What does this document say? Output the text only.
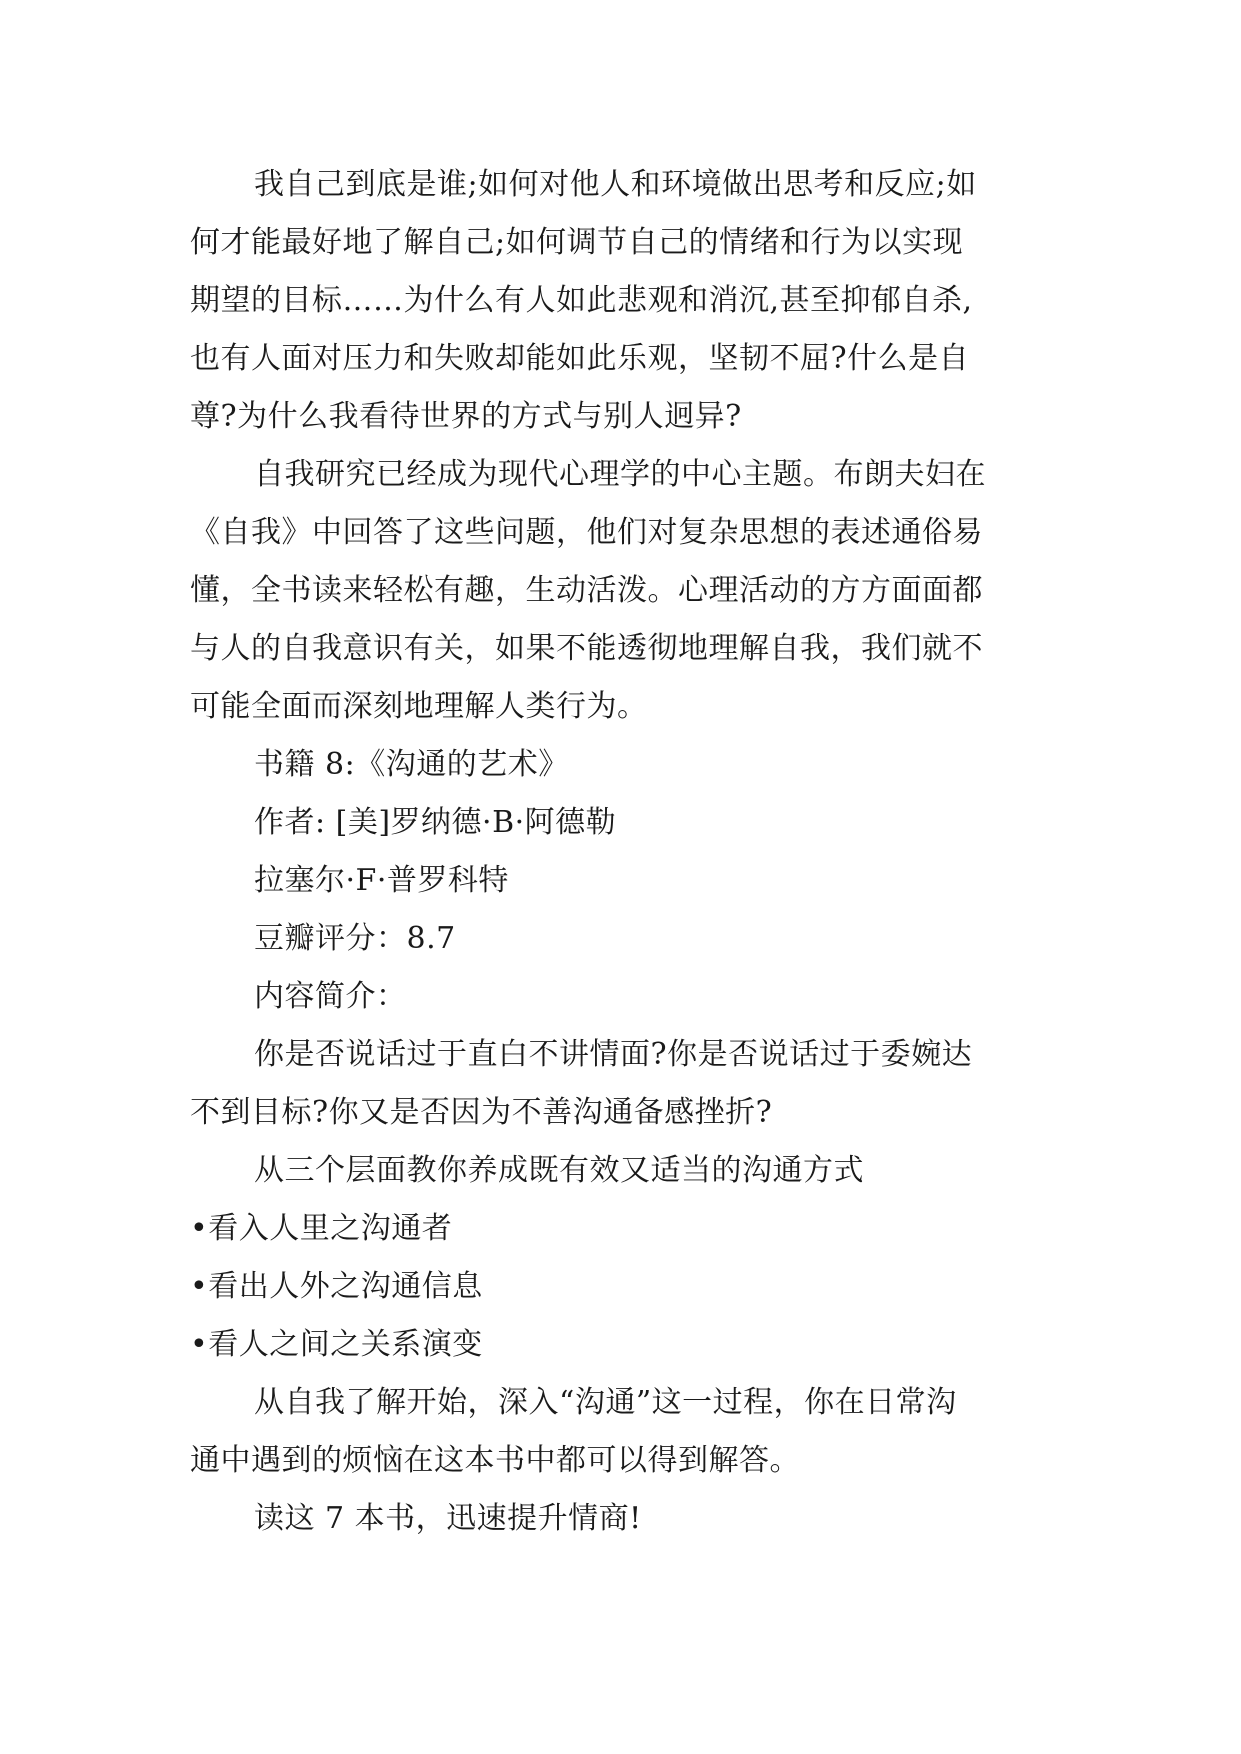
我自己到底是谁;如何对他人和环境做出思考和反应;如
何才能最好地了解自己;如何调节自己的情绪和行为以实现
期望的目标……为什么有人如此悲观和消沉,甚至抑郁自杀,
也有人面对压力和失败却能如此乐观，坚韧不屈?什么是自
尊?为什么我看待世界的方式与别人迥异?
自我研究已经成为现代心理学的中心主题。布朗夫妇在
《自我》中回答了这些问题，他们对复杂思想的表述通俗易
懂，全书读来轻松有趣，生动活泼。心理活动的方方面面都
与人的自我意识有关，如果不能透彻地理解自我，我们就不
可能全面而深刻地理解人类行为。
书籍 8:《沟通的艺术》
作者: [美]罗纳德·B·阿德勒
拉塞尔·F·普罗科特
豆瓣评分：8.7
内容简介：
你是否说话过于直白不讲情面?你是否说话过于委婉达
不到目标?你又是否因为不善沟通备感挫折?
从三个层面教你养成既有效又适当的沟通方式
•看入人里之沟通者
•看出人外之沟通信息
•看人之间之关系演变
从自我了解开始，深入“沟通”这一过程，你在日常沟
通中遇到的烦恼在这本书中都可以得到解答。
读这 7 本书，迅速提升情商!
